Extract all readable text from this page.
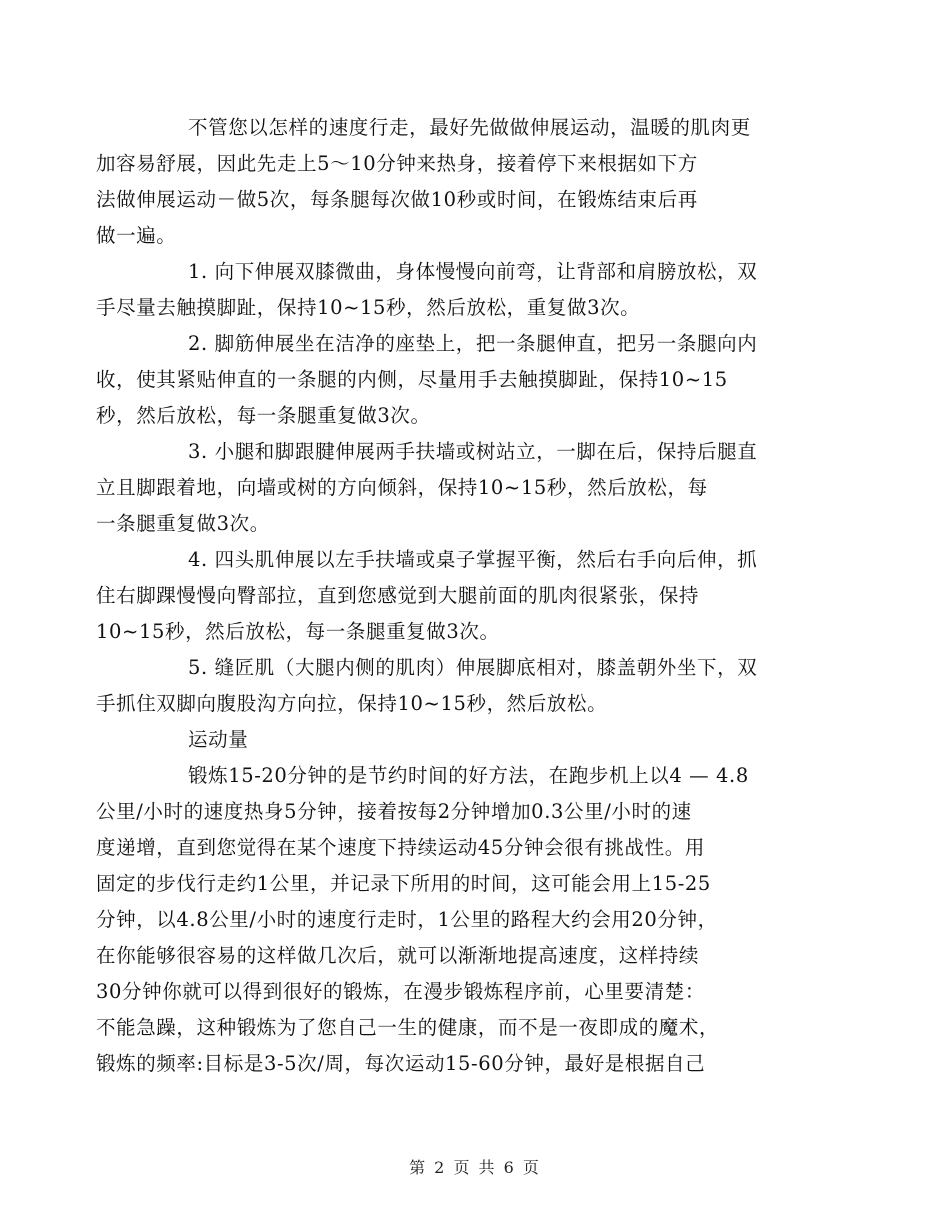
不管您以怎样的速度行走，最好先做做伸展运动，温暖的肌肉更
加容易舒展，因此先走上5～10分钟来热身，接着停下来根据如下方
法做伸展运动－做5次，每条腿每次做10秒或时间，在锻炼结束后再
做一遍。

1. 向下伸展双膝微曲，身体慢慢向前弯，让背部和肩膀放松，双
手尽量去触摸脚趾，保持10~15秒，然后放松，重复做3次。

2. 脚筋伸展坐在洁净的座垫上，把一条腿伸直，把另一条腿向内
收，使其紧贴伸直的一条腿的内侧，尽量用手去触摸脚趾，保持10~15
秒，然后放松，每一条腿重复做3次。

3. 小腿和脚跟腱伸展两手扶墙或树站立，一脚在后，保持后腿直
立且脚跟着地，向墙或树的方向倾斜，保持10~15秒，然后放松，每
一条腿重复做3次。

4. 四头肌伸展以左手扶墙或桌子掌握平衡，然后右手向后伸，抓
住右脚踝慢慢向臀部拉，直到您感觉到大腿前面的肌肉很紧张，保持
10~15秒，然后放松，每一条腿重复做3次。

5. 缝匠肌（大腿内侧的肌肉）伸展脚底相对，膝盖朝外坐下，双
手抓住双脚向腹股沟方向拉，保持10~15秒，然后放松。

运动量

锻炼15-20分钟的是节约时间的好方法，在跑步机上以4 — 4.8
公里/小时的速度热身5分钟，接着按每2分钟增加0.3公里/小时的速
度递增，直到您觉得在某个速度下持续运动45分钟会很有挑战性。用
固定的步伐行走约1公里，并记录下所用的时间，这可能会用上15-25
分钟，以4.8公里/小时的速度行走时，1公里的路程大约会用20分钟，
在你能够很容易的这样做几次后，就可以渐渐地提高速度，这样持续
30分钟你就可以得到很好的锻炼，在漫步锻炼程序前，心里要清楚：
不能急躁，这种锻炼为了您自己一生的健康，而不是一夜即成的魔术，
锻炼的频率:目标是3-5次/周，每次运动15-60分钟，最好是根据自己

第 2 页 共 6 页
